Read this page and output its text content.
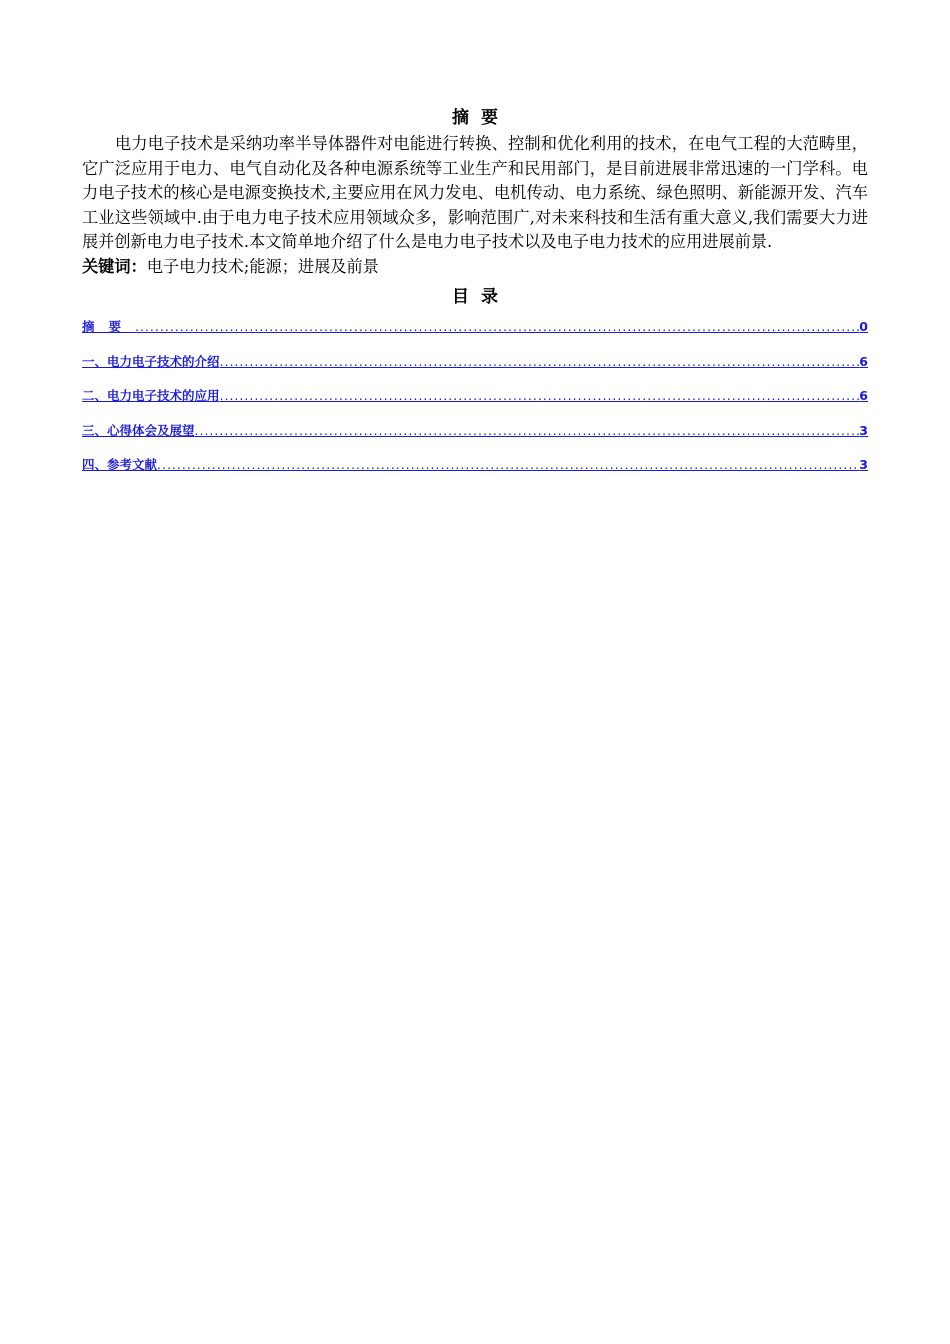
摘要

电力电子技术是采纳功率半导体器件对电能进行转换、控制和优化利用的技术，在电气工程的大范畴里，它广泛应用于电力、电气自动化及各种电源系统等工业生产和民用部门，是目前进展非常迅速的一门学科。电力电子技术的核心是电源变换技术,主要应用在风力发电、电机传动、电力系统、绿色照明、新能源开发、汽车工业这些领域中.由于电力电子技术应用领域众多，影响范围广,对未来科技和生活有重大意义,我们需要大力进展并创新电力电子技术.本文简单地介绍了什么是电力电子技术以及电子电力技术的应用进展前景.

关键词：电子电力技术;能源；进展及前景

目录
摘要 .....	0
一、电力电子技术的介绍 .....	6
二、电力电子技术的应用 .....	6
三、心得体会及展望 .....	3
四、参考文献 .....	3
